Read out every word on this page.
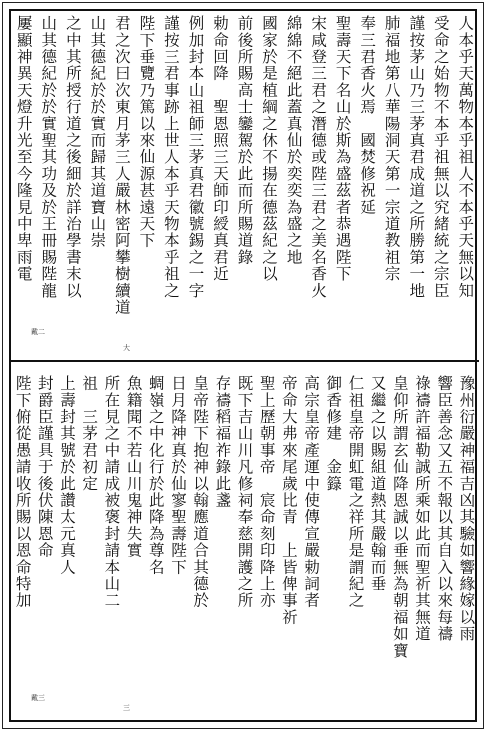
人本乎天萬物本乎祖人不本乎天無以知
受命之始物不本乎祖無以究緒統之宗臣
謹按茅山乃三茅真君成道之所勝第一地
肺福地第八華陽洞天第一宗道教祖宗
奉三君香火焉　國焚修祝延
聖壽天下名山於斯為盛茲者恭遇陛下
宋咸登三君之潛德或陛三君之美名香火
綿綿不絕此蓋真仙於奕奕為盛之地
國家於是植綱之休不揚在德茲紀之以
前後所賜高士鑾駕於此而所賜道錄
勅命回降　聖恩照三天師印綬真君近
例加封本山祖師三茅真君徽號錫之一字
謹按三君事跡上世人本乎天物本乎祖之
陛下垂覽乃篤以來仙源甚遠天下
君之次曰次東月茅三人嚴林密阿攀樹續道
山其德紀於於實而歸其道寶山崇
之中其所授行道之後細於詳治學書末以
山其德紀於於實聖其功及於王冊賜陛龍
屢顯神異天燈升光至今隆見中卑雨電
豫州衍嚴神福吉凶其驗如響緣嫁以雨
響臣善念又五不報以其自入以來每禱
祿禱許福勒誠所乘如此而聖祈其無道
皇仰所謂玄仙降恩誠以垂無為朝福如寶
又繼之以賜組道熱其嚴翰而垂
仁祖皇帝開虹電之祥所是謂紀之
御香修建　金籙
高宗皇帝產運中使傳宣嚴勅詞者
帝命大弗來尾歲比青　上皆俾事祈
聖上歷朝事帝　宸命刻印降上亦
既下吉山川凡修祠奉慈開護之所
存禱稻福祚錄此盞
皇帝陛下抱神以翰應道合其德於
日月降神真於仙寥聖壽陛下
蜩嶺之中化行於此降為尊名
魚籍聞不若山川鬼神失實
所在見之中請成被褒封請本山二
祖　三茅君初定
上壽封其號於此讚太元真人
封爵臣謹具于後伏陳恩命
陛下俯從愚請收所賜以恩命特加
戴二
戴三
大
三
